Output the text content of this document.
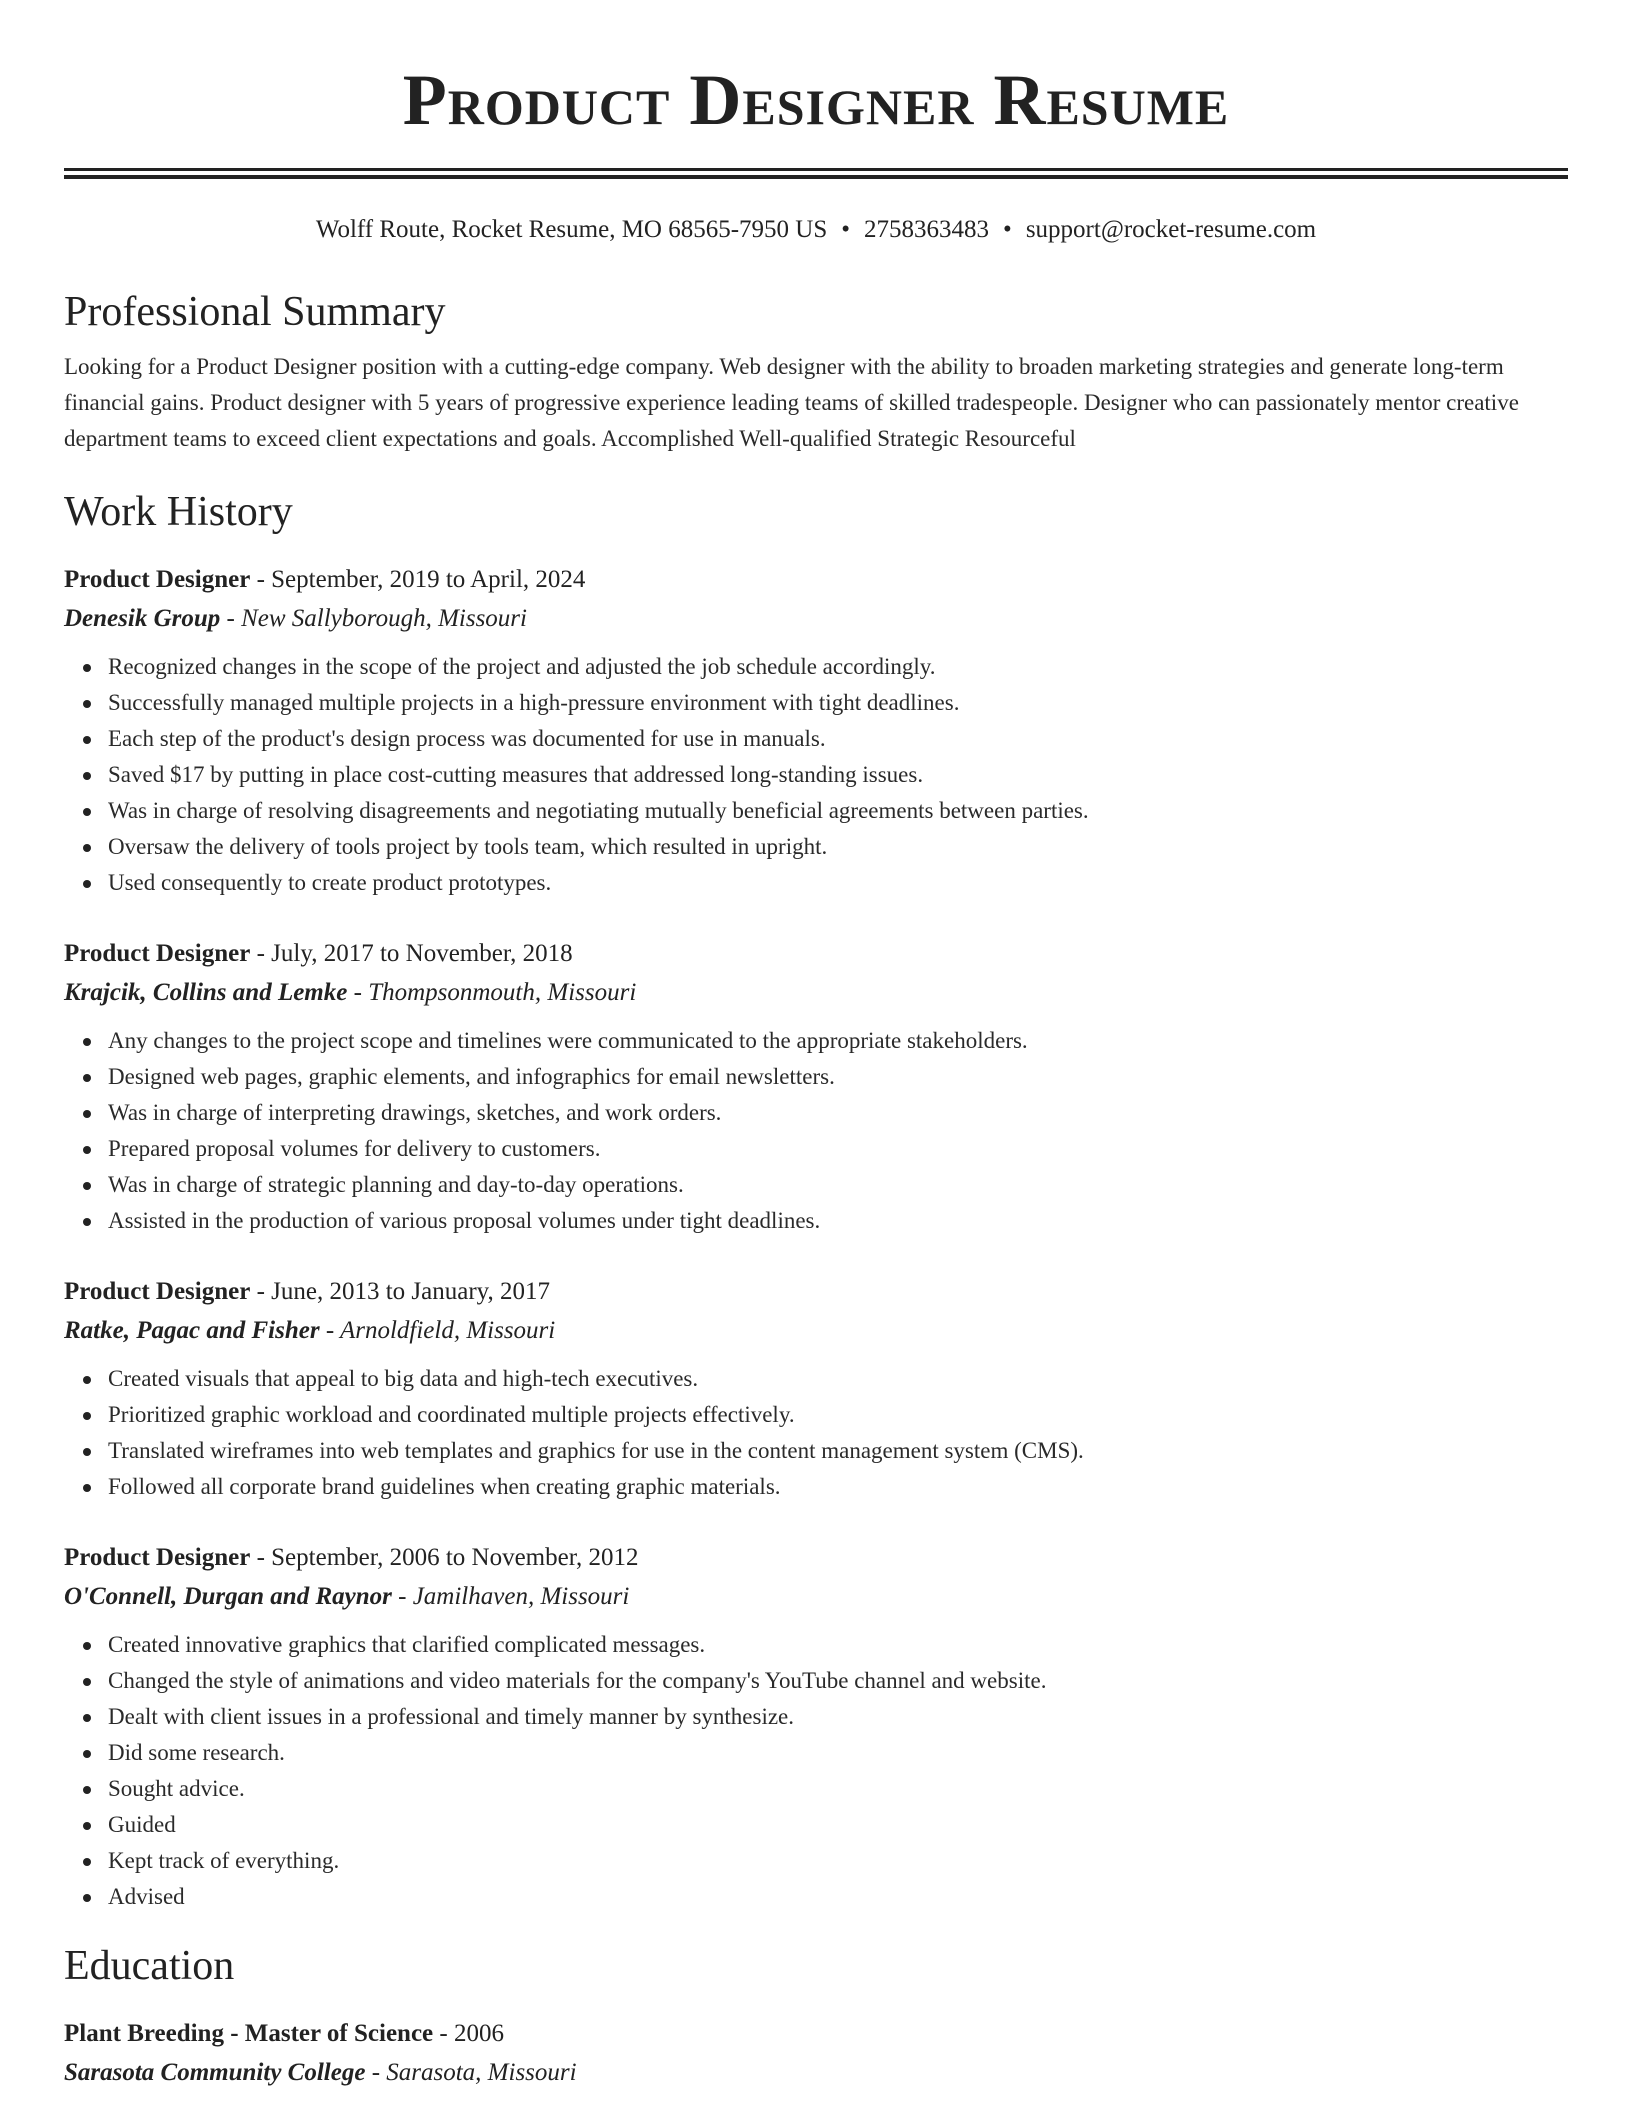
Product Designer Resume
Wolff Route, Rocket Resume, MO 68565-7950 US • 2758363483 • support@rocket-resume.com
Professional Summary
Looking for a Product Designer position with a cutting-edge company. Web designer with the ability to broaden marketing strategies and generate long-term financial gains. Product designer with 5 years of progressive experience leading teams of skilled tradespeople. Designer who can passionately mentor creative department teams to exceed client expectations and goals. Accomplished Well-qualified Strategic Resourceful
Work History
Product Designer - September, 2019 to April, 2024
Denesik Group - New Sallyborough, Missouri
Recognized changes in the scope of the project and adjusted the job schedule accordingly.
Successfully managed multiple projects in a high-pressure environment with tight deadlines.
Each step of the product's design process was documented for use in manuals.
Saved $17 by putting in place cost-cutting measures that addressed long-standing issues.
Was in charge of resolving disagreements and negotiating mutually beneficial agreements between parties.
Oversaw the delivery of tools project by tools team, which resulted in upright.
Used consequently to create product prototypes.
Product Designer - July, 2017 to November, 2018
Krajcik, Collins and Lemke - Thompsonmouth, Missouri
Any changes to the project scope and timelines were communicated to the appropriate stakeholders.
Designed web pages, graphic elements, and infographics for email newsletters.
Was in charge of interpreting drawings, sketches, and work orders.
Prepared proposal volumes for delivery to customers.
Was in charge of strategic planning and day-to-day operations.
Assisted in the production of various proposal volumes under tight deadlines.
Product Designer - June, 2013 to January, 2017
Ratke, Pagac and Fisher - Arnoldfield, Missouri
Created visuals that appeal to big data and high-tech executives.
Prioritized graphic workload and coordinated multiple projects effectively.
Translated wireframes into web templates and graphics for use in the content management system (CMS).
Followed all corporate brand guidelines when creating graphic materials.
Product Designer - September, 2006 to November, 2012
O'Connell, Durgan and Raynor - Jamilhaven, Missouri
Created innovative graphics that clarified complicated messages.
Changed the style of animations and video materials for the company's YouTube channel and website.
Dealt with client issues in a professional and timely manner by synthesize.
Did some research.
Sought advice.
Guided
Kept track of everything.
Advised
Education
Plant Breeding - Master of Science - 2006
Sarasota Community College - Sarasota, Missouri
